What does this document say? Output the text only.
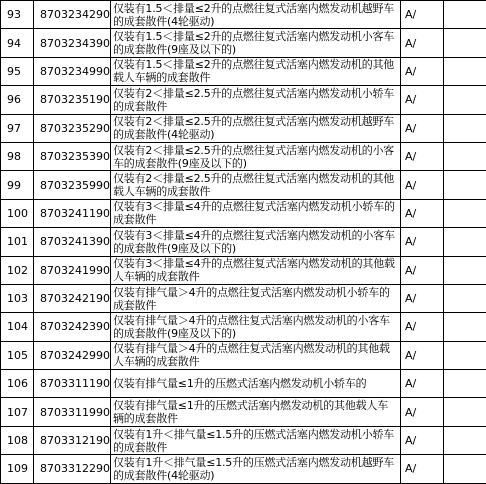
93	8703234290	仅装有1.5＜排量≤2升的点燃往复式活塞内燃发动机越野车的成套散件(4轮驱动)	A/	
94	8703234390	仅装有1.5＜排量≤2升的点燃往复式活塞内燃发动机小客车的成套散件(9座及以下的)	A/	
95	8703234990	仅装有1.5＜排量≤2升的点燃往复式活塞内燃发动机的其他载人车辆的成套散件	A/	
96	8703235190	仅装有2＜排量≤2.5升的点燃往复式活塞内燃发动机小轿车的成套散件	A/	
97	8703235290	仅装有2＜排量≤2.5升的点燃往复式活塞内燃发动机越野车的成套散件(4轮驱动)	A/	
98	8703235390	仅装有2＜排量≤2.5升的点燃往复式活塞内燃发动机的小客车的成套散件(9座及以下的)	A/	
99	8703235990	仅装有2＜排量≤2.5升的点燃往复式活塞内燃发动机的其他载人车辆的成套散件	A/	
100	8703241190	仅装有3＜排量≤4升的点燃往复式活塞内燃发动机小轿车的成套散件	A/	
101	8703241390	仅装有3＜排量≤4升的点燃往复式活塞内燃发动机的小客车的成套散件(9座及以下的)	A/	
102	8703241990	仅装有3＜排量≤4升的点燃往复式活塞内燃发动机的其他载人车辆的成套散件	A/	
103	8703242190	仅装有排气量＞4升的点燃往复式活塞内燃发动机小轿车的成套散件	A/	
104	8703242390	仅装有排气量＞4升的点燃往复式活塞内燃发动机的小客车的成套散件(9座及以下的)	A/	
105	8703242990	仅装有排气量＞4升的点燃往复式活塞内燃发动机的其他载人车辆的成套散件	A/	
106	8703311190	仅装有排气量≤1升的压燃式活塞内燃发动机小轿车的	A/	
107	8703311990	仅装有排气量≤1升的压燃式活塞内燃发动机的其他载人车辆的成套散件	A/	
108	8703312190	仅装有1升＜排气量≤1.5升的压燃式活塞内燃发动机小轿车的成套散件	A/	
109	8703312290	仅装有1升＜排气量≤1.5升的压燃式活塞内燃发动机越野车的成套散件(4轮驱动)	A/	
